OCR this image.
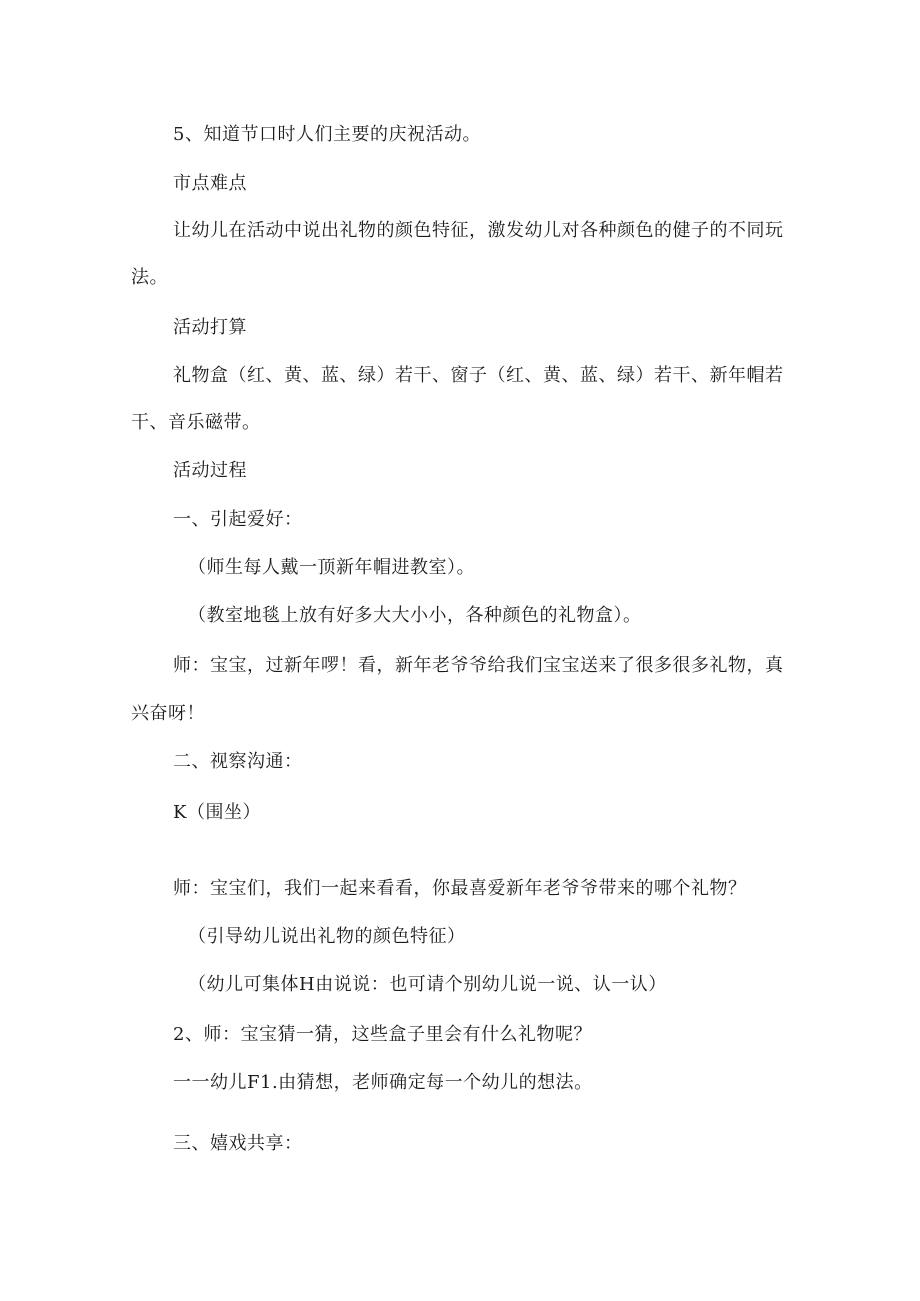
5、知道节口时人们主要的庆祝活动。
市点难点
让幼儿在活动中说出礼物的颜色特征，激发幼儿对各种颜色的健子的不同玩
法。
活动打算
礼物盒（红、黄、蓝、绿）若干、窗子（红、黄、蓝、绿）若干、新年帽若
干、音乐磁带。
活动过程
一、引起爱好：
（师生每人戴一顶新年帽进教室）。
（教室地毯上放有好多大大小小，各种颜色的礼物盒）。
师：宝宝，过新年啰！看，新年老爷爷给我们宝宝送来了很多很多礼物，真
兴奋呀！
二、视察沟通：
K（围坐）
师：宝宝们，我们一起来看看，你最喜爱新年老爷爷带来的哪个礼物？
（引导幼儿说出礼物的颜色特征）
（幼儿可集体H由说说：也可请个别幼儿说一说、认一认）
2、师：宝宝猜一猜，这些盒子里会有什么礼物呢？
一一幼儿F1.由猜想，老师确定每一个幼儿的想法。
三、嬉戏共享：
